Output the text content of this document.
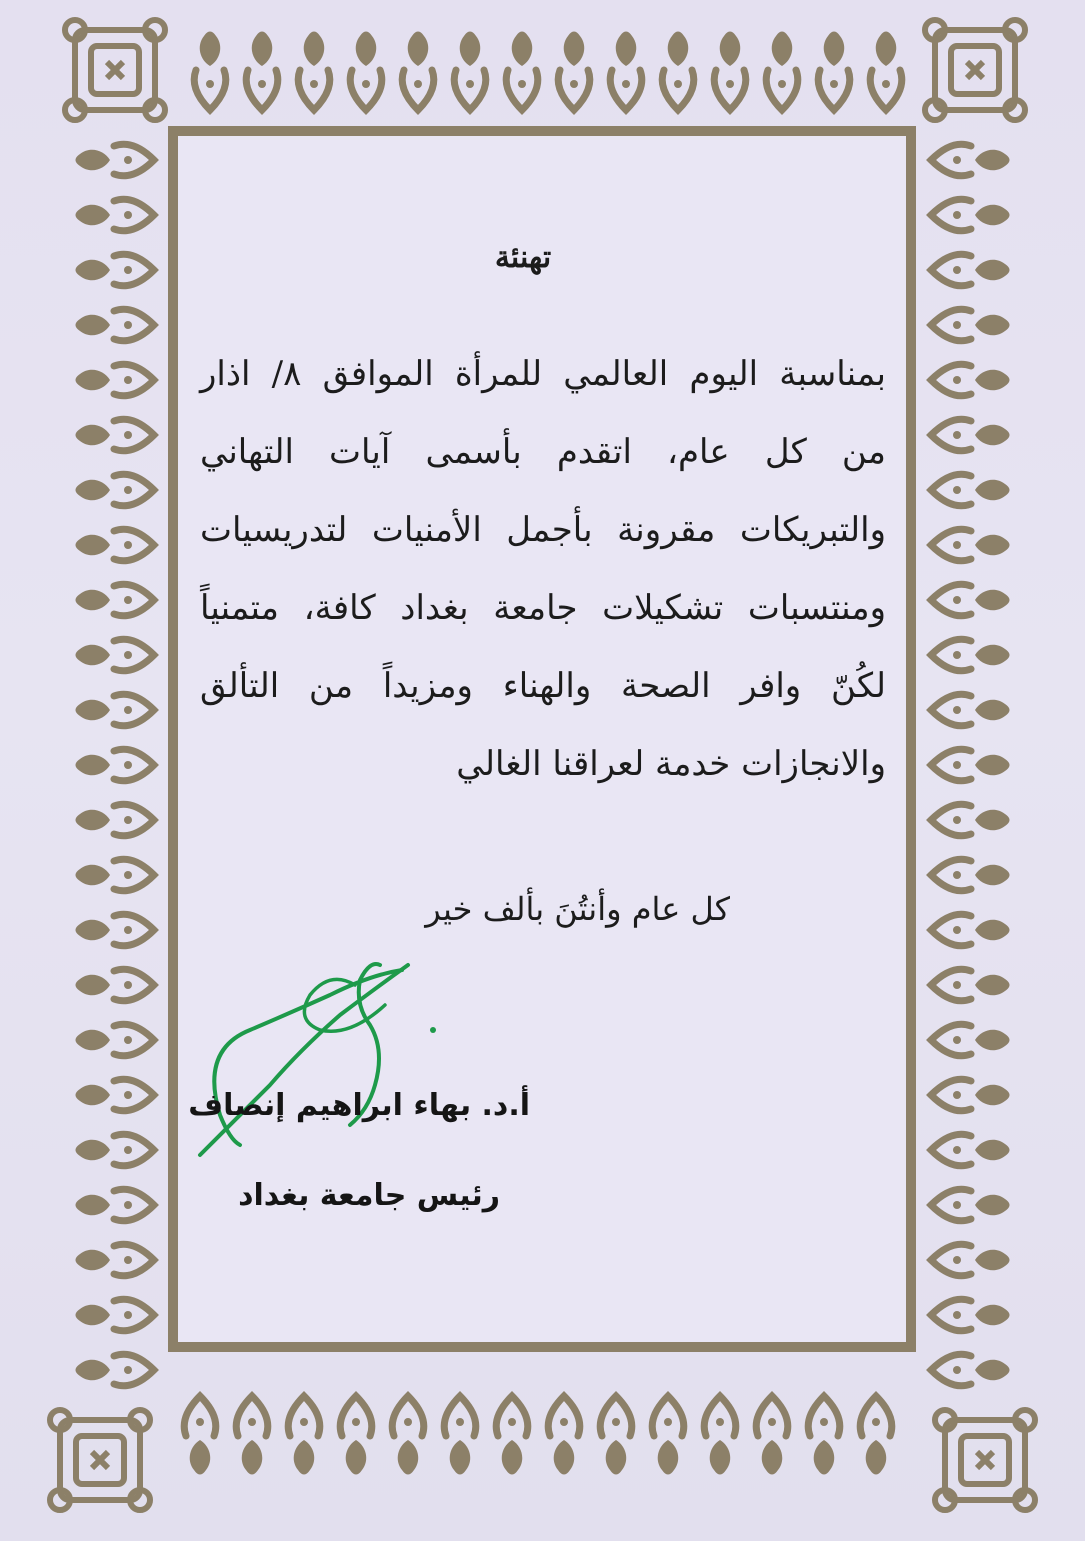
تهنئة

بمناسبة اليوم العالمي للمرأة الموافق ٨/ اذار

من كل عام، اتقدم بأسمى آيات التهاني

والتبريكات مقرونة بأجمل الأمنيات لتدريسيات

ومنتسبات تشكيلات جامعة بغداد كافة، متمنياً

لكُنّ وافر الصحة والهناء ومزيداً من التألق

والانجازات خدمة لعراقنا الغالي

كل عام وأنتُنَ بألف خير
أ.د. بهاء ابراهيم إنصاف
رئيس جامعة بغداد
